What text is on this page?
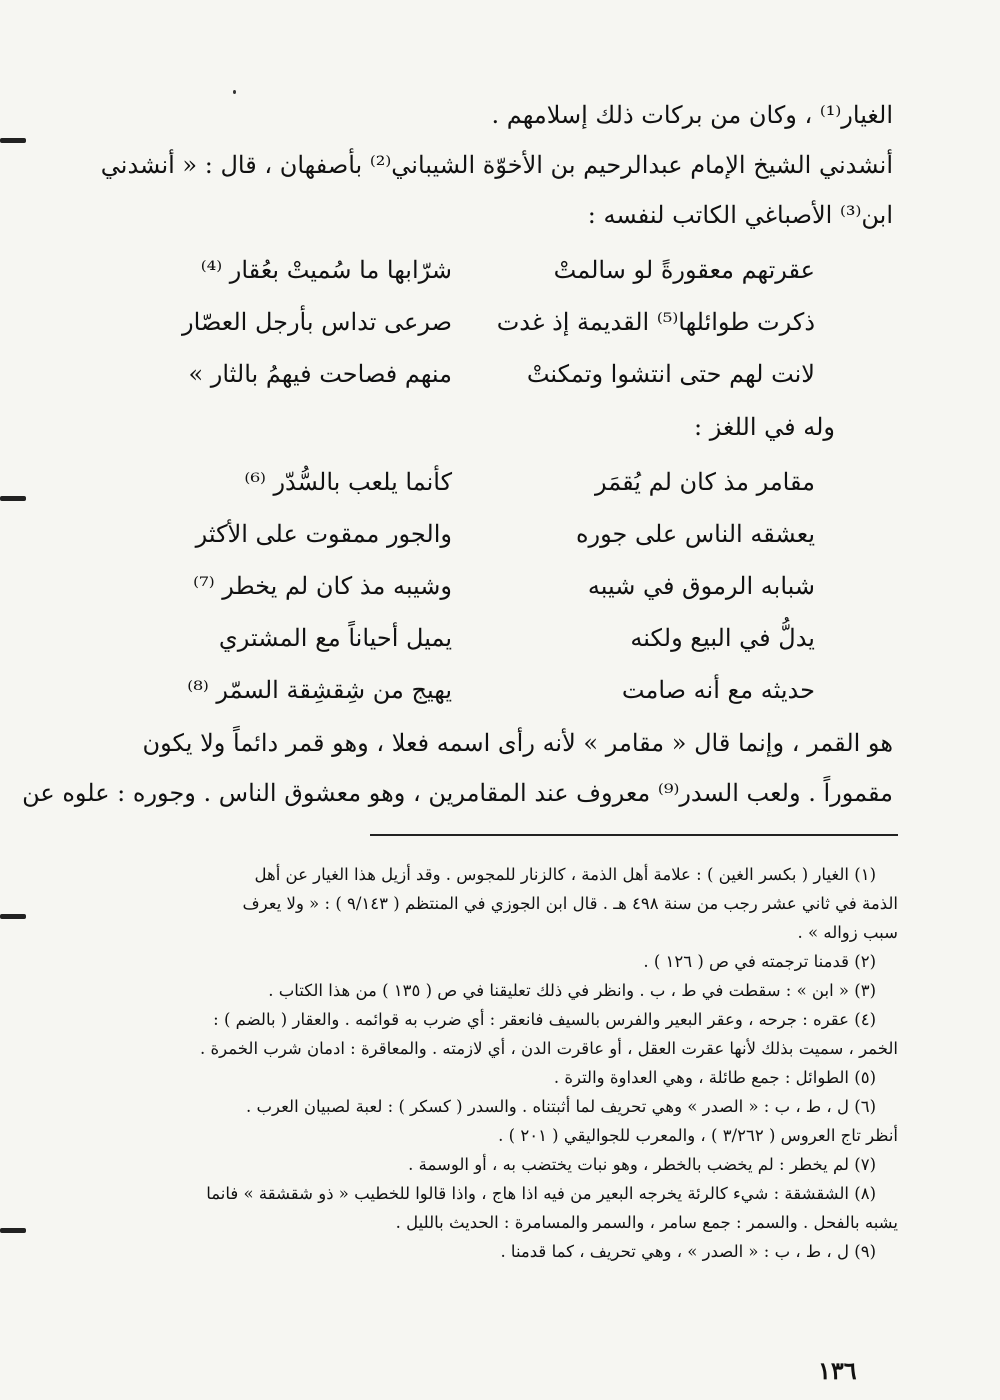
الغيار⁽¹⁾ ، وكان من بركات ذلك إسلامهم .
أنشدني الشيخ الإمام عبدالرحيم بن الأخوّة الشيباني⁽²⁾ بأصفهان ، قال : « أنشدني
ابن⁽³⁾ الأصباغي الكاتب لنفسه :
عقرتهم معقورةً لو سالمتْ
شرّابها ما سُميتْ بعُقار ⁽⁴⁾
ذكرت طوائلها⁽⁵⁾ القديمة إذ غدت
صرعى تداس بأرجل العصّار
لانت لهم حتى انتشوا وتمكنتْ
منهم فصاحت فيهمُ بالثار »
وله في اللغز :
مقامر مذ كان لم يُقمَر
كأنما يلعب بالسُّدّر ⁽⁶⁾
يعشقه الناس على جوره
والجور ممقوت على الأكثر
شبابه الرموق في شيبه
وشيبه مذ كان لم يخطر ⁽⁷⁾
يدلُّ في البيع ولكنه
يميل أحياناً مع المشتري
حديثه مع أنه صامت
يهيج من شِقشِقة السمّر ⁽⁸⁾
هو القمر ، وإنما قال « مقامر » لأنه رأى اسمه فعلا ، وهو قمر دائماً ولا يكون
مقموراً . ولعب السدر⁽⁹⁾ معروف عند المقامرين ، وهو معشوق الناس . وجوره : علوه عن
(١) الغيار ( بكسر الغين ) : علامة أهل الذمة ، كالزنار للمجوس . وقد أزيل هذا الغيار عن أهل
الذمة في ثاني عشر رجب من سنة ٤٩٨ هـ . قال ابن الجوزي في المنتظم ( ٩/١٤٣ ) : « ولا يعرف
سبب زواله » .
(٢) قدمنا ترجمته في ص ( ١٢٦ ) .
(٣) « ابن » : سقطت في ط ، ب . وانظر في ذلك تعليقنا في ص ( ١٣٥ ) من هذا الكتاب .
(٤) عقره : جرحه ، وعقر البعير والفرس بالسيف فانعقر : أي ضرب به قوائمه . والعقار ( بالضم ) :
الخمر ، سميت بذلك لأنها عقرت العقل ، أو عاقرت الدن ، أي لازمته . والمعاقرة : ادمان شرب الخمرة .
(٥) الطوائل : جمع طائلة ، وهي العداوة والترة .
(٦) ل ، ط ، ب : « الصدر » وهي تحريف لما أثبتناه . والسدر ( كسكر ) : لعبة لصبيان العرب .
أنظر تاج العروس ( ٣/٢٦٢ ) ، والمعرب للجواليقي ( ٢٠١ ) .
(٧) لم يخطر : لم يخضب بالخطر ، وهو نبات يختضب به ، أو الوسمة .
(٨) الشقشقة : شيء كالرئة يخرجه البعير من فيه اذا هاج ، واذا قالوا للخطيب « ذو شقشقة » فانما
يشبه بالفحل . والسمر : جمع سامر ، والسمر والمسامرة : الحديث بالليل .
(٩) ل ، ط ، ب : « الصدر » ، وهي تحريف ، كما قدمنا .
١٣٦
